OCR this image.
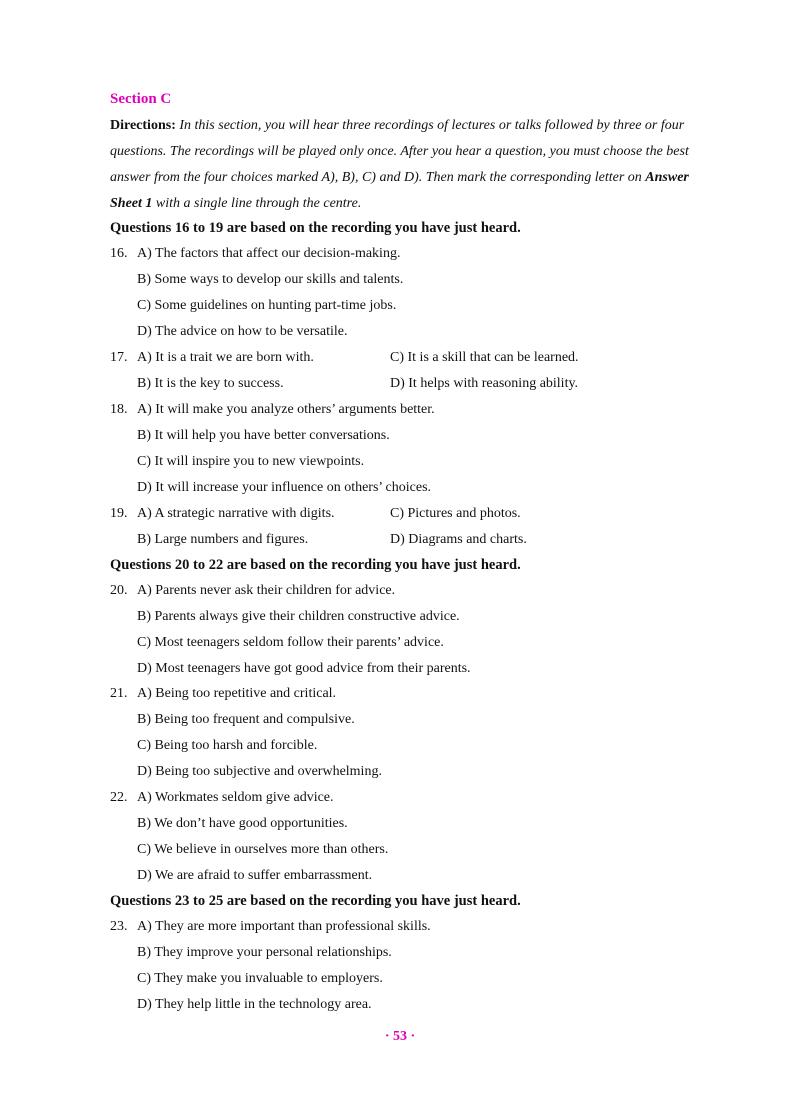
Section C
Directions: In this section, you will hear three recordings of lectures or talks followed by three or four questions. The recordings will be played only once. After you hear a question, you must choose the best answer from the four choices marked A), B), C) and D). Then mark the corresponding letter on Answer Sheet 1 with a single line through the centre.
Questions 16 to 19 are based on the recording you have just heard.
16. A) The factors that affect our decision-making.
B) Some ways to develop our skills and talents.
C) Some guidelines on hunting part-time jobs.
D) The advice on how to be versatile.
17. A) It is a trait we are born with.	C) It is a skill that can be learned.
B) It is the key to success.	D) It helps with reasoning ability.
18. A) It will make you analyze others’ arguments better.
B) It will help you have better conversations.
C) It will inspire you to new viewpoints.
D) It will increase your influence on others’ choices.
19. A) A strategic narrative with digits.	C) Pictures and photos.
B) Large numbers and figures.	D) Diagrams and charts.
Questions 20 to 22 are based on the recording you have just heard.
20. A) Parents never ask their children for advice.
B) Parents always give their children constructive advice.
C) Most teenagers seldom follow their parents’ advice.
D) Most teenagers have got good advice from their parents.
21. A) Being too repetitive and critical.
B) Being too frequent and compulsive.
C) Being too harsh and forcible.
D) Being too subjective and overwhelming.
22. A) Workmates seldom give advice.
B) We don’t have good opportunities.
C) We believe in ourselves more than others.
D) We are afraid to suffer embarrassment.
Questions 23 to 25 are based on the recording you have just heard.
23. A) They are more important than professional skills.
B) They improve your personal relationships.
C) They make you invaluable to employers.
D) They help little in the technology area.
· 53 ·
